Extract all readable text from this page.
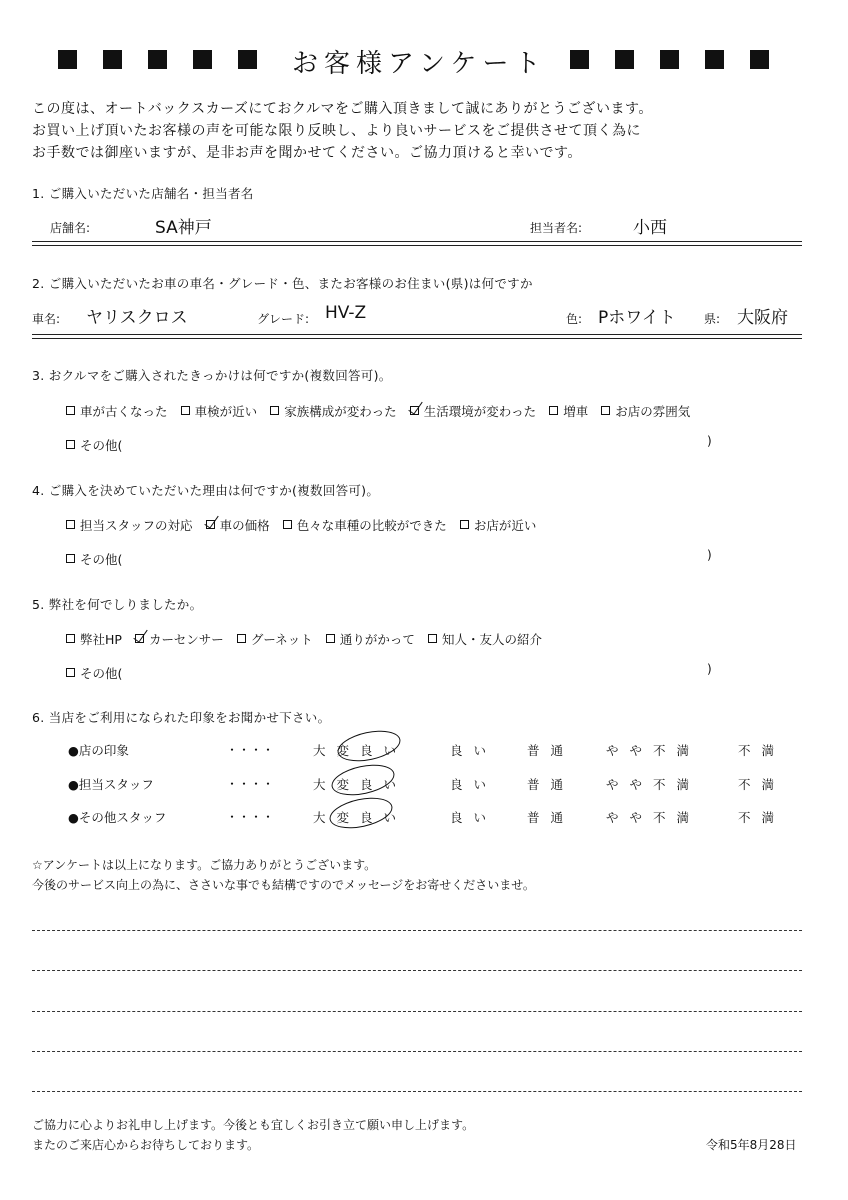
お客様アンケート
この度は、オートバックスカーズにておクルマをご購入頂きまして誠にありがとうございます。
お買い上げ頂いたお客様の声を可能な限り反映し、より良いサービスをご提供させて頂く為に
お手数では御座いますが、是非お声を聞かせてください。ご協力頂けると幸いです。
1. ご購入いただいた店舗名・担当者名
店舗名:	SA神戸	担当者名:	小西
2. ご購入いただいたお車の車名・グレード・色、またお客様のお住まい(県)は何ですか
車名: ヤリスクロス	グレード: HV-Z	色: Pホワイト 県: 大阪府
3. おクルマをご購入されたきっかけは何ですか(複数回答可)。
車が古くなった
車検が近い
家族構成が変わった
生活環境が変わった
増車
お店の雰囲気
その他(	)
4. ご購入を決めていただいた理由は何ですか(複数回答可)。
担当スタッフの対応
車の価格
色々な車種の比較ができた
お店が近い
その他(	)
5. 弊社を何でしりましたか。
弊社HP
カーセンサー
グーネット
通りがかって
知人・友人の紹介
その他(	)
6. 当店をご利用になられた印象をお聞かせ下さい。
●店の印象	・・・・	大変良い	良い 普通	やや不満	不満
●担当スタッフ	・・・・	大変良い	良い 普通	やや不満	不満
●その他スタッフ	・・・・	大変良い	良い 普通	やや不満	不満
☆アンケートは以上になります。ご協力ありがとうございます。
今後のサービス向上の為に、ささいな事でも結構ですのでメッセージをお寄せくださいませ。
ご協力に心よりお礼申し上げます。今後とも宜しくお引き立て願い申し上げます。
またのご来店心からお待ちしております。	令和5年8月28日
